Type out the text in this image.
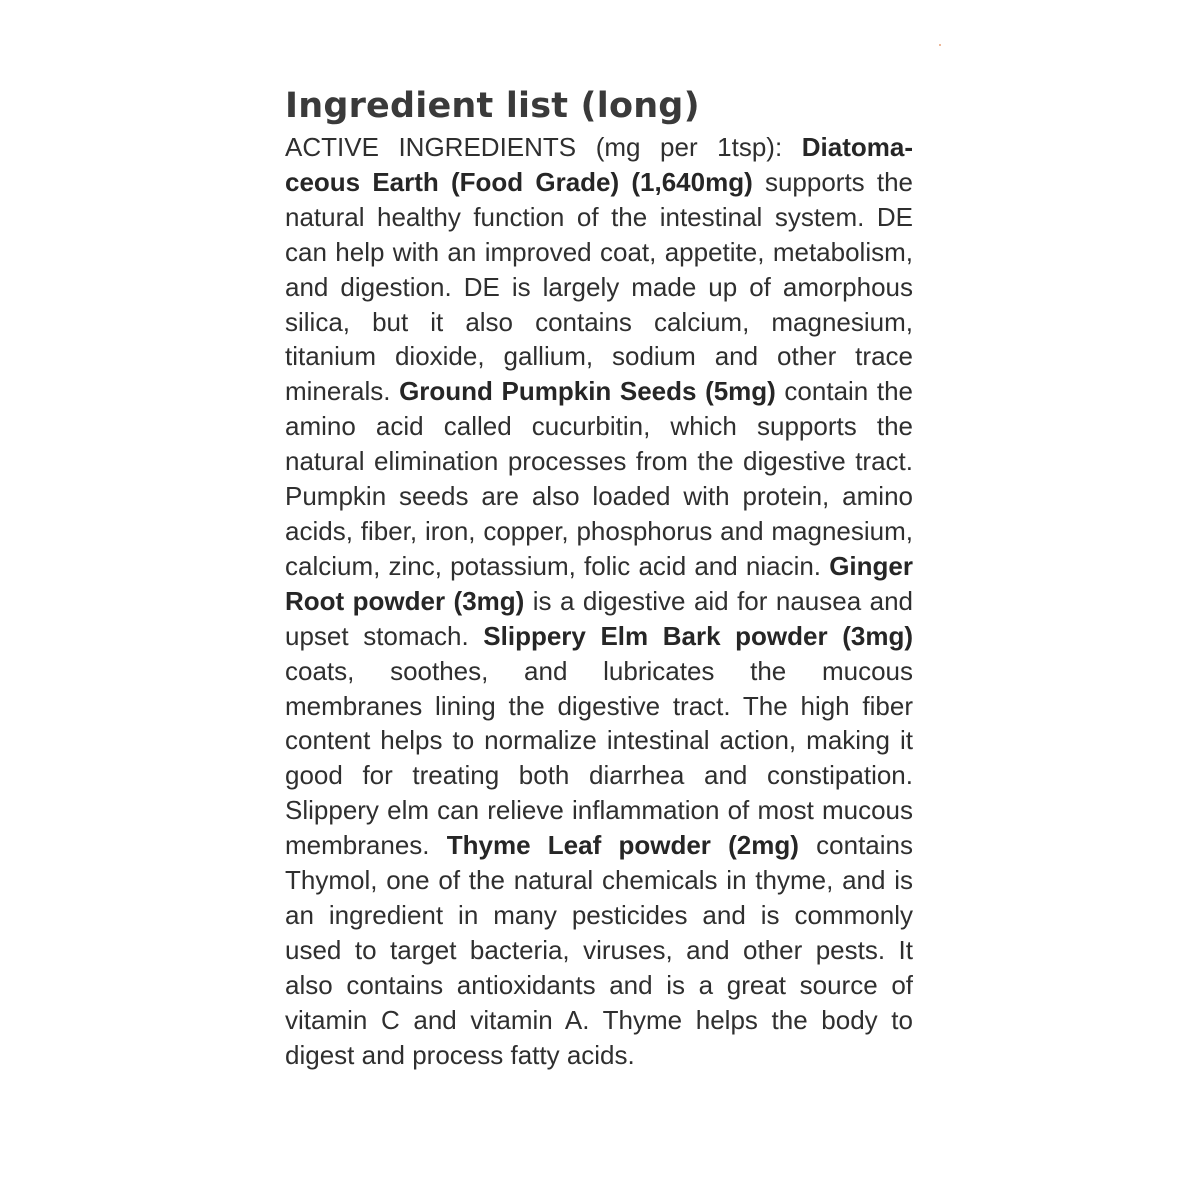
Ingredient list (long)

ACTIVE INGREDIENTS (mg per 1tsp): Diatomaceous Earth (Food Grade) (1,640mg) supports the natural healthy function of the intestinal system. DE can help with an improved coat, appetite, metabolism, and digestion. DE is largely made up of amorphous silica, but it also contains calcium, magnesium, titanium dioxide, gallium, sodium and other trace minerals. Ground Pumpkin Seeds (5mg) contain the amino acid called cucurbitin, which supports the natural elimination processes from the digestive tract. Pumpkin seeds are also loaded with protein, amino acids, fiber, iron, copper, phosphorus and magnesium, calcium, zinc, potassium, folic acid and niacin. Ginger Root powder (3mg) is a digestive aid for nausea and upset stomach. Slippery Elm Bark powder (3mg) coats, soothes, and lubricates the mucous membranes lining the digestive tract. The high fiber content helps to normalize intestinal action, making it good for treating both diarrhea and constipation. Slippery elm can relieve inflammation of most mucous membranes. Thyme Leaf powder (2mg) contains Thymol, one of the natural chemicals in thyme, and is an ingredient in many pesticides and is commonly used to target bacteria, viruses, and other pests. It also contains antioxidants and is a great source of vitamin C and vitamin A. Thyme helps the body to digest and process fatty acids.
